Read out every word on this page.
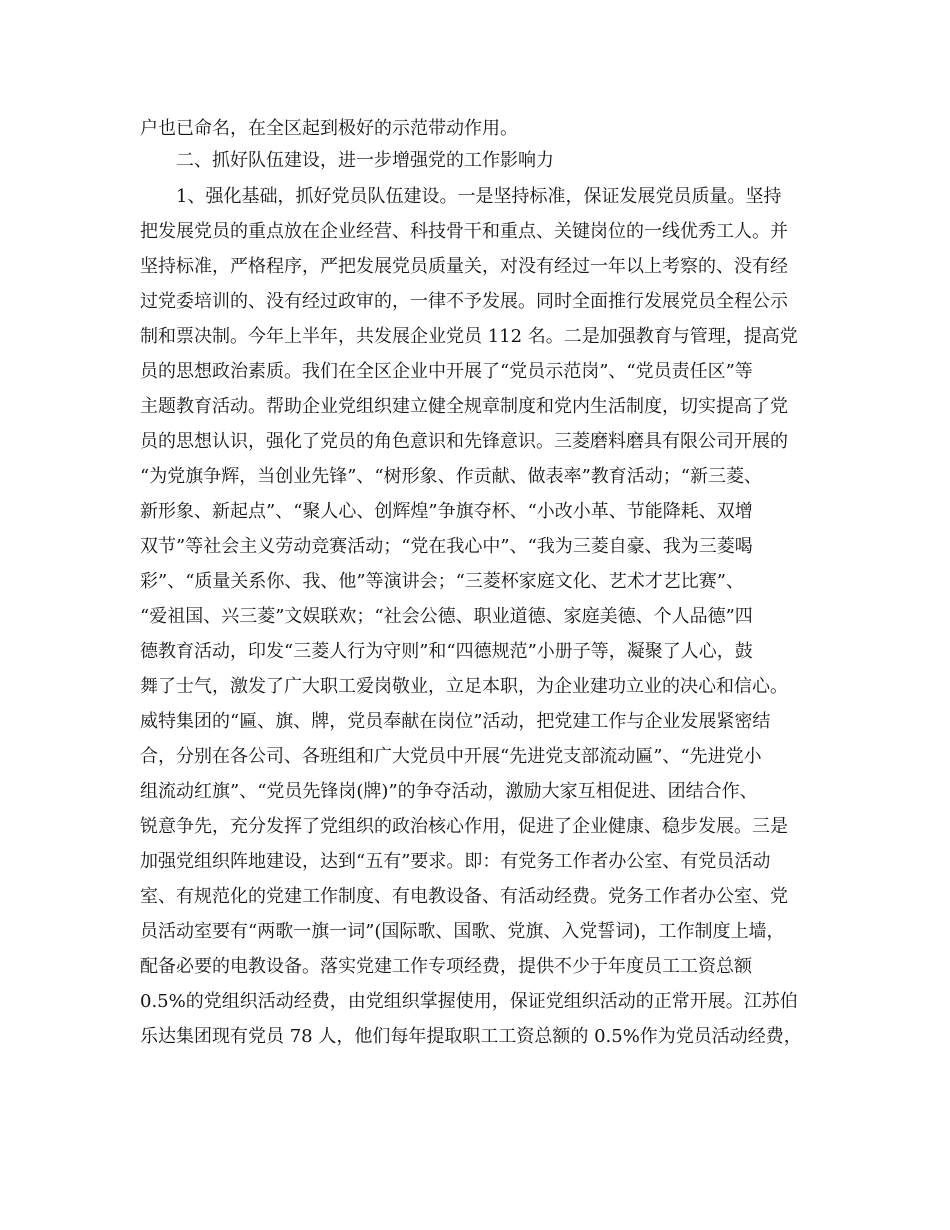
户也已命名，在全区起到极好的示范带动作用。
二、抓好队伍建设，进一步增强党的工作影响力
1、强化基础，抓好党员队伍建设。一是坚持标准，保证发展党员质量。坚持
把发展党员的重点放在企业经营、科技骨干和重点、关键岗位的一线优秀工人。并
坚持标准，严格程序，严把发展党员质量关，对没有经过一年以上考察的、没有经
过党委培训的、没有经过政审的，一律不予发展。同时全面推行发展党员全程公示
制和票决制。今年上半年，共发展企业党员 112 名。二是加强教育与管理，提高党
员的思想政治素质。我们在全区企业中开展了“党员示范岗”、“党员责任区”等
主题教育活动。帮助企业党组织建立健全规章制度和党内生活制度，切实提高了党
员的思想认识，强化了党员的角色意识和先锋意识。三菱磨料磨具有限公司开展的
“为党旗争辉，当创业先锋”、“树形象、作贡献、做表率”教育活动；“新三菱、
新形象、新起点”、“聚人心、创辉煌”争旗夺杯、“小改小革、节能降耗、双增
双节”等社会主义劳动竞赛活动；“党在我心中”、“我为三菱自豪、我为三菱喝
彩”、“质量关系你、我、他”等演讲会；“三菱杯家庭文化、艺术才艺比赛”、
“爱祖国、兴三菱”文娱联欢；“社会公德、职业道德、家庭美德、个人品德”四
德教育活动，印发“三菱人行为守则”和“四德规范”小册子等，凝聚了人心，鼓
舞了士气，激发了广大职工爱岗敬业，立足本职，为企业建功立业的决心和信心。
威特集团的“匾、旗、牌，党员奉献在岗位”活动，把党建工作与企业发展紧密结
合，分别在各公司、各班组和广大党员中开展“先进党支部流动匾”、“先进党小
组流动红旗”、“党员先锋岗(牌)”的争夺活动，激励大家互相促进、团结合作、
锐意争先，充分发挥了党组织的政治核心作用，促进了企业健康、稳步发展。三是
加强党组织阵地建设，达到“五有”要求。即：有党务工作者办公室、有党员活动
室、有规范化的党建工作制度、有电教设备、有活动经费。党务工作者办公室、党
员活动室要有“两歌一旗一词”(国际歌、国歌、党旗、入党誓词)，工作制度上墙，
配备必要的电教设备。落实党建工作专项经费，提供不少于年度员工工资总额
0.5%的党组织活动经费，由党组织掌握使用，保证党组织活动的正常开展。江苏伯
乐达集团现有党员 78 人，他们每年提取职工工资总额的 0.5%作为党员活动经费，
